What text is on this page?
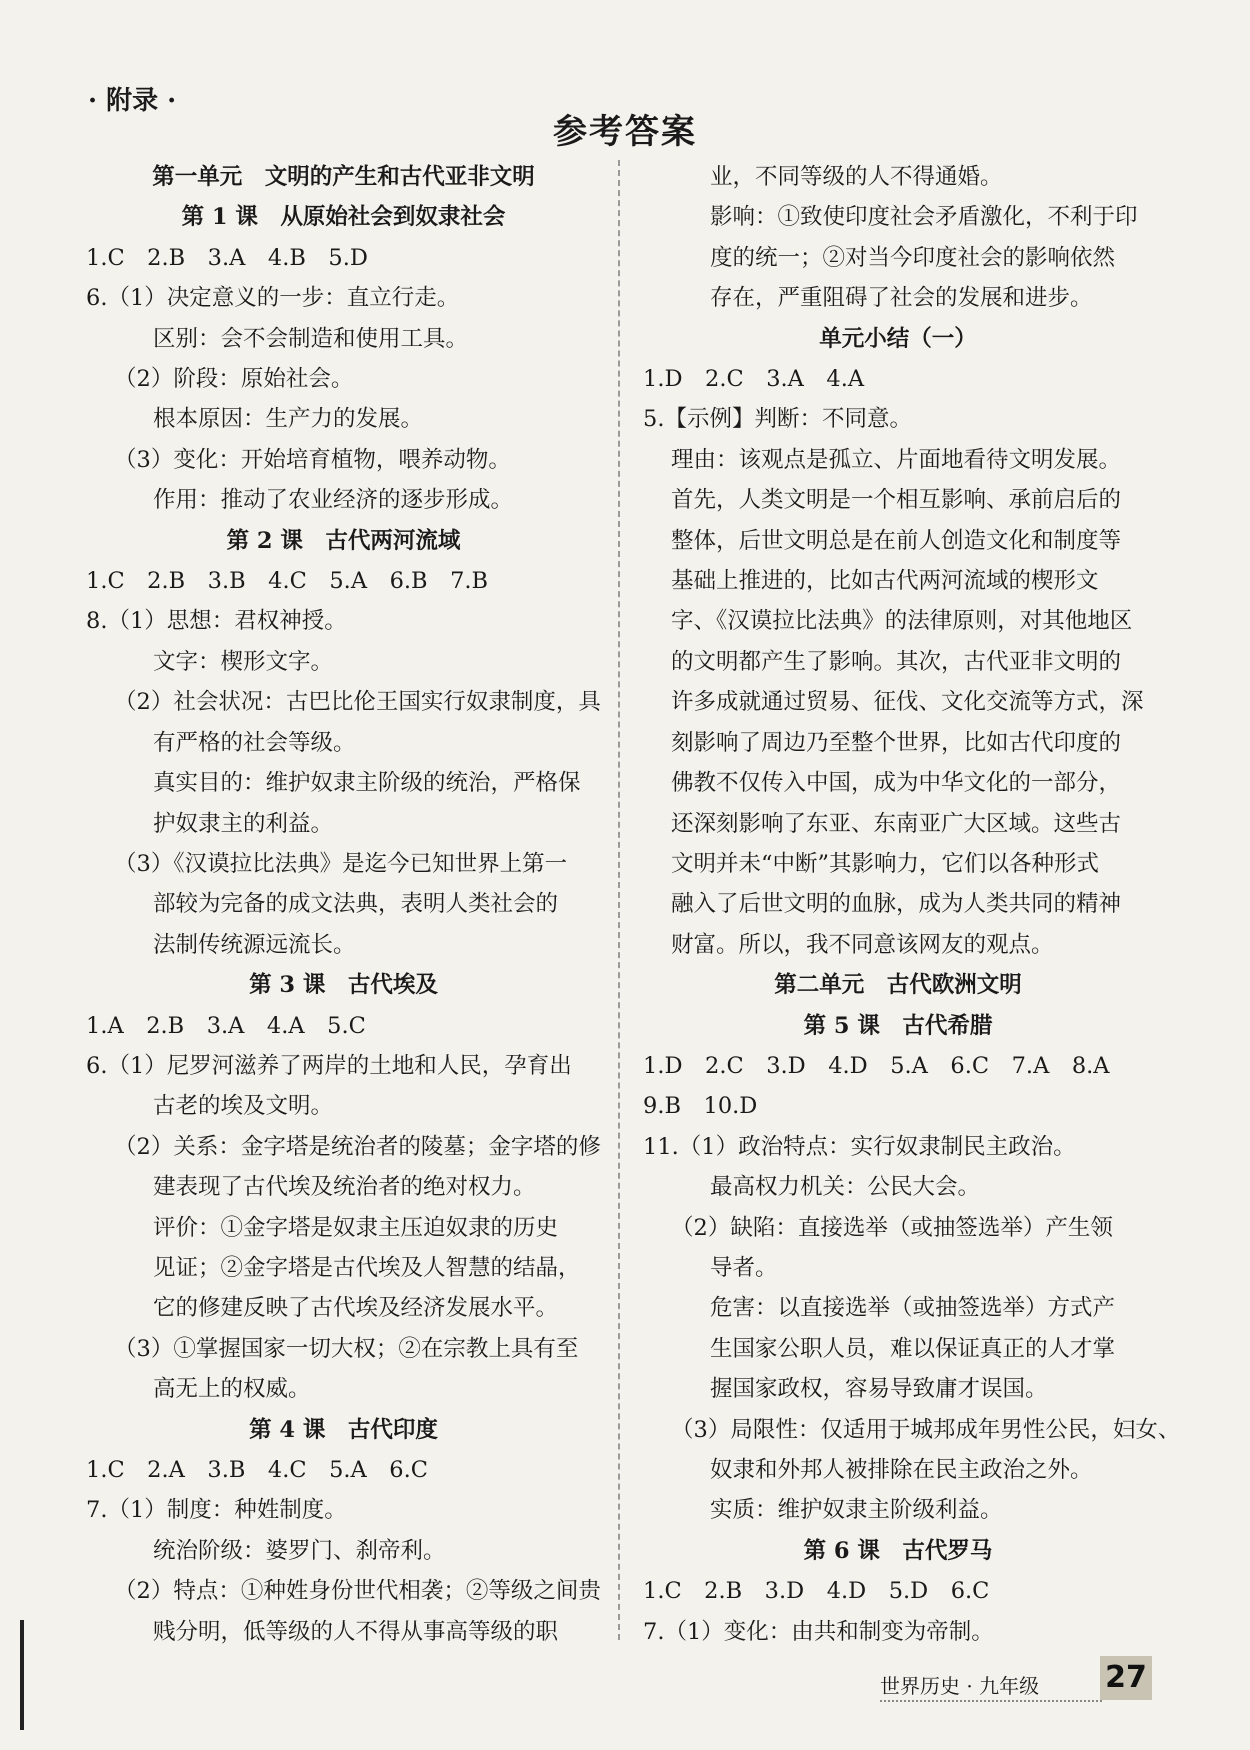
· 附录 ·
参考答案
第一单元　文明的产生和古代亚非文明
第 1 课　从原始社会到奴隶社会
1.C　2.B　3.A　4.B　5.D
6.（1）决定意义的一步：直立行走。
区别：会不会制造和使用工具。
（2）阶段：原始社会。
根本原因：生产力的发展。
（3）变化：开始培育植物，喂养动物。
作用：推动了农业经济的逐步形成。
第 2 课　古代两河流域
1.C　2.B　3.B　4.C　5.A　6.B　7.B
8.（1）思想：君权神授。
文字：楔形文字。
（2）社会状况：古巴比伦王国实行奴隶制度，具
有严格的社会等级。
真实目的：维护奴隶主阶级的统治，严格保
护奴隶主的利益。
（3）《汉谟拉比法典》是迄今已知世界上第一
部较为完备的成文法典，表明人类社会的
法制传统源远流长。
第 3 课　古代埃及
1.A　2.B　3.A　4.A　5.C
6.（1）尼罗河滋养了两岸的土地和人民，孕育出
古老的埃及文明。
（2）关系：金字塔是统治者的陵墓；金字塔的修
建表现了古代埃及统治者的绝对权力。
评价：①金字塔是奴隶主压迫奴隶的历史
见证；②金字塔是古代埃及人智慧的结晶，
它的修建反映了古代埃及经济发展水平。
（3）①掌握国家一切大权；②在宗教上具有至
高无上的权威。
第 4 课　古代印度
1.C　2.A　3.B　4.C　5.A　6.C
7.（1）制度：种姓制度。
统治阶级：婆罗门、刹帝利。
（2）特点：①种姓身份世代相袭；②等级之间贵
贱分明，低等级的人不得从事高等级的职
业，不同等级的人不得通婚。
影响：①致使印度社会矛盾激化，不利于印
度的统一；②对当今印度社会的影响依然
存在，严重阻碍了社会的发展和进步。
单元小结（一）
1.D　2.C　3.A　4.A
5.【示例】判断：不同意。
理由：该观点是孤立、片面地看待文明发展。
首先，人类文明是一个相互影响、承前启后的
整体，后世文明总是在前人创造文化和制度等
基础上推进的，比如古代两河流域的楔形文
字、《汉谟拉比法典》的法律原则，对其他地区
的文明都产生了影响。其次，古代亚非文明的
许多成就通过贸易、征伐、文化交流等方式，深
刻影响了周边乃至整个世界，比如古代印度的
佛教不仅传入中国，成为中华文化的一部分，
还深刻影响了东亚、东南亚广大区域。这些古
文明并未“中断”其影响力，它们以各种形式
融入了后世文明的血脉，成为人类共同的精神
财富。所以，我不同意该网友的观点。
第二单元　古代欧洲文明
第 5 课　古代希腊
1.D　2.C　3.D　4.D　5.A　6.C　7.A　8.A
9.B　10.D
11.（1）政治特点：实行奴隶制民主政治。
最高权力机关：公民大会。
（2）缺陷：直接选举（或抽签选举）产生领
导者。
危害：以直接选举（或抽签选举）方式产
生国家公职人员，难以保证真正的人才掌
握国家政权，容易导致庸才误国。
（3）局限性：仅适用于城邦成年男性公民，妇女、
奴隶和外邦人被排除在民主政治之外。
实质：维护奴隶主阶级利益。
第 6 课　古代罗马
1.C　2.B　3.D　4.D　5.D　6.C
7.（1）变化：由共和制变为帝制。
世界历史 · 九年级 27
